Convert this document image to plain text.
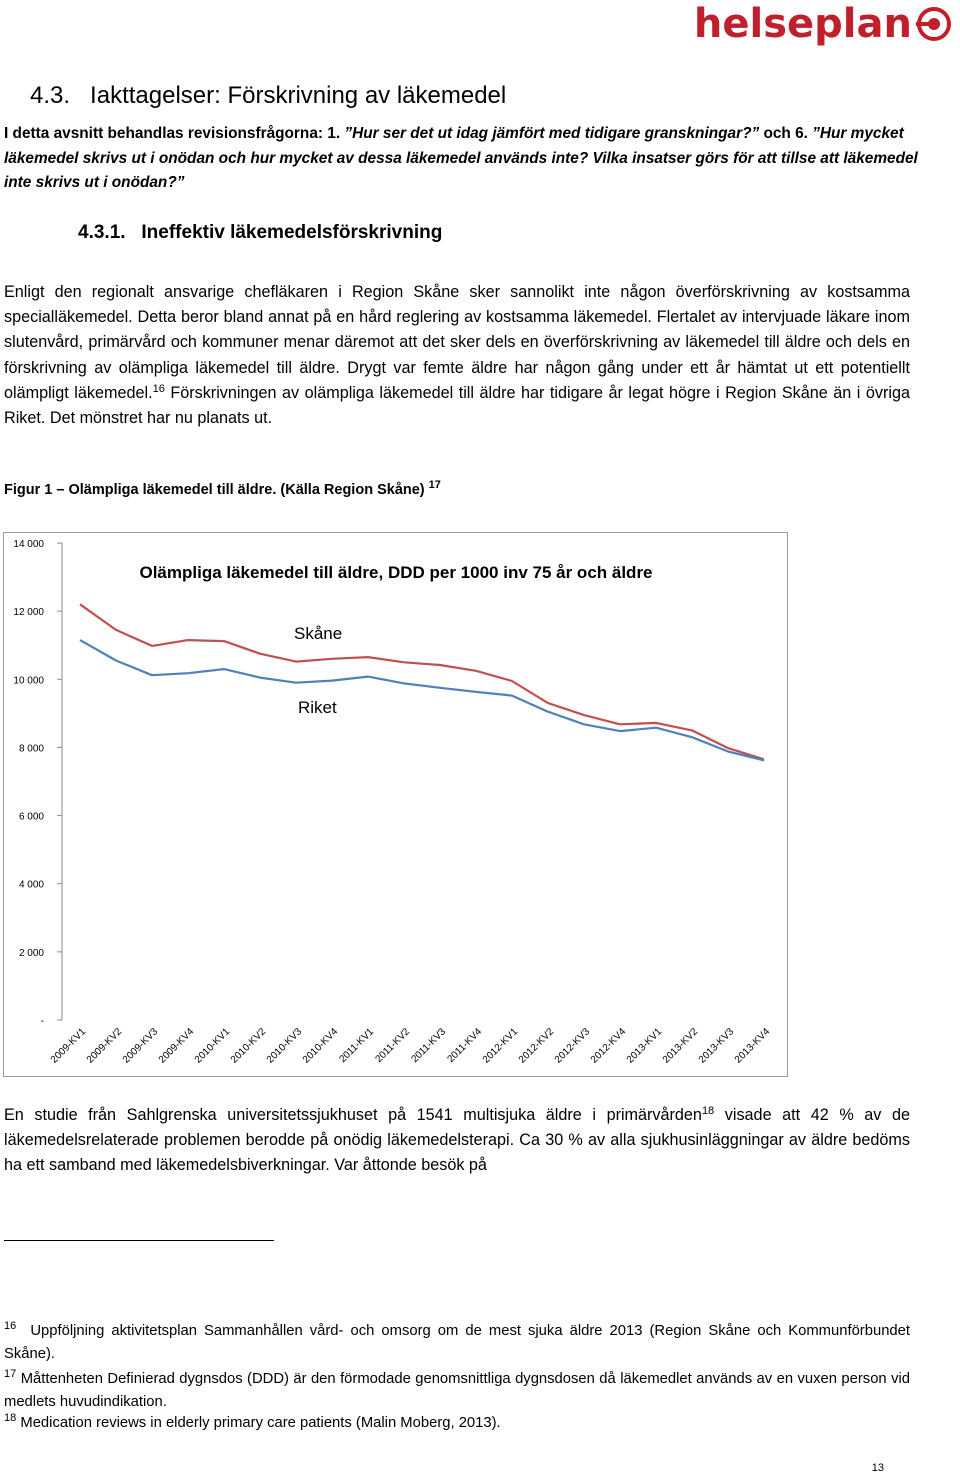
helseplan
4.3. Iakttagelser: Förskrivning av läkemedel
I detta avsnitt behandlas revisionsfrågorna: 1. ”Hur ser det ut idag jämfört med tidigare granskningar?” och 6. ”Hur mycket läkemedel skrivs ut i onödan och hur mycket av dessa läkemedel används inte? Vilka insatser görs för att tillse att läkemedel inte skrivs ut i onödan?”
4.3.1. Ineffektiv läkemedelsförskrivning
Enligt den regionalt ansvarige chefläkaren i Region Skåne sker sannolikt inte någon överförskrivning av kostsamma specialläkemedel. Detta beror bland annat på en hård reglering av kostsamma läkemedel. Flertalet av intervjuade läkare inom slutenvård, primärvård och kommuner menar däremot att det sker dels en överförskrivning av läkemedel till äldre och dels en förskrivning av olämpliga läkemedel till äldre. Drygt var femte äldre har någon gång under ett år hämtat ut ett potentiellt olämpligt läkemedel.$^{16}$ Förskrivningen av olämpliga läkemedel till äldre har tidigare år legat högre i Region Skåne än i övriga Riket. Det mönstret har nu planats ut.
Figur 1 – Olämpliga läkemedel till äldre. (Källa Region Skåne) $^{17}$
-
2 000
4 000
6 000
8 000
10 000
12 000
14 000
2009-KV1
2009-KV2
2009-KV3
2009-KV4
2010-KV1
2010-KV2
2010-KV3
2010-KV4
2011-KV1
2011-KV2
2011-KV3
2011-KV4
2012-KV1
2012-KV2
2012-KV3
2012-KV4
2013-KV1
2013-KV2
2013-KV3
2013-KV4
Olämpliga läkemedel till äldre, DDD per 1000 inv 75 år och äldre
Skåne
Riket
En studie från Sahlgrenska universitetssjukhuset på 1541 multisjuka äldre i primärvården$^{18}$ visade att 42 % av de läkemedelsrelaterade problemen berodde på onödig läkemedelsterapi. Ca 30 % av alla sjukhusinläggningar av äldre bedöms ha ett samband med läkemedelsbiverkningar. Var åttonde besök på
$^{16}$ Uppföljning aktivitetsplan Sammanhållen vård- och omsorg om de mest sjuka äldre 2013 (Region Skåne och Kommunförbundet Skåne).
$^{17}$ Måttenheten Definierad dygnsdos (DDD) är den förmodade genomsnittliga dygnsdosen då läkemedlet används av en vuxen person vid medlets huvudindikation.
$^{18}$ Medication reviews in elderly primary care patients (Malin Moberg, 2013).
13
